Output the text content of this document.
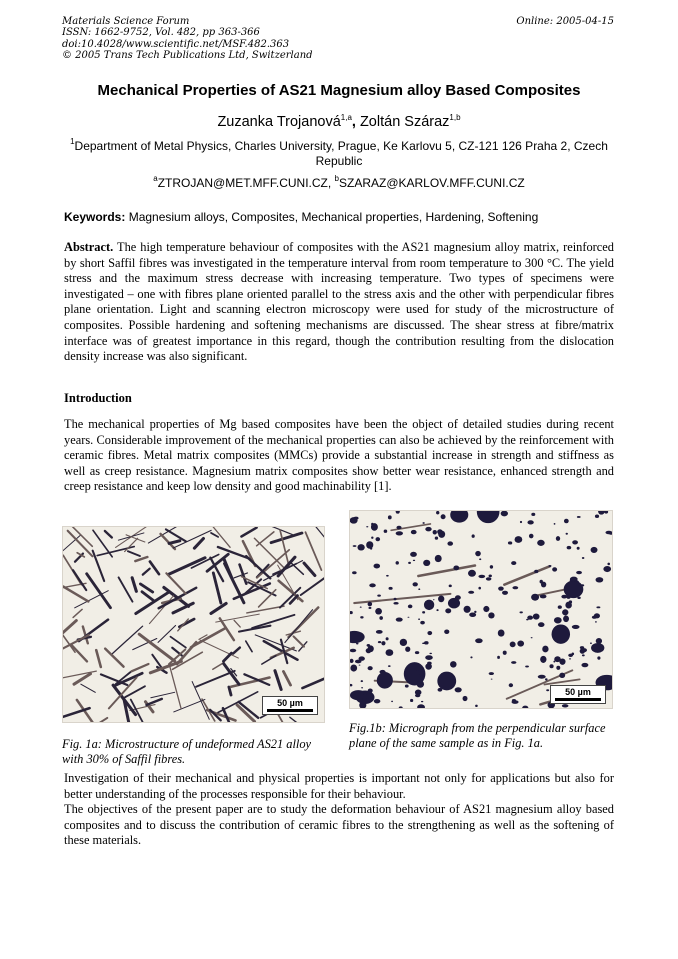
Materials Science Forum
ISSN: 1662-9752, Vol. 482, pp 363-366
doi:10.4028/www.scientific.net/MSF.482.363
© 2005 Trans Tech Publications Ltd, Switzerland
Online: 2005-04-15
Mechanical Properties of AS21 Magnesium alloy Based Composites
Zuzanka Trojanová$^{1,a}$, Zoltán Száraz$^{1,b}$
$^1$Department of Metal Physics, Charles University, Prague, Ke Karlovu 5, CZ-121 126 Praha 2, Czech Republic
$^a$ZTROJAN@MET.MFF.CUNI.CZ, $^b$SZARAZ@KARLOV.MFF.CUNI.CZ
Keywords: Magnesium alloys, Composites, Mechanical properties, Hardening, Softening
Abstract. The high temperature behaviour of composites with the AS21 magnesium alloy matrix, reinforced by short Saffil fibres was investigated in the temperature interval from room temperature to 300 °C. The yield stress and the maximum stress decrease with increasing temperature. Two types of specimens were investigated – one with fibres plane oriented parallel to the stress axis and the other with perpendicular fibres plane orientation. Light and scanning electron microscopy were used for study of the microstructure of composites. Possible hardening and softening mechanisms are discussed. The shear stress at fibre/matrix interface was of greatest importance in this regard, though the contribution resulting from the dislocation density increase was also significant.
Introduction
The mechanical properties of Mg based composites have been the object of detailed studies during recent years. Considerable improvement of the mechanical properties can also be achieved by the reinforcement with ceramic fibres. Metal matrix composites (MMCs) provide a substantial increase in strength and stiffness as well as creep resistance. Magnesium matrix composites show better wear resistance, enhanced strength and creep resistance and keep low density and good machinability [1].
50 µm
50 µm
Fig. 1a: Microstructure of undeformed AS21 alloy with 30% of Saffil fibres.
Fig.1b: Micrograph from the perpendicular surface plane of the same sample as in Fig. 1a.
Investigation of their mechanical and physical properties is important not only for applications but also for better understanding of the processes responsible for their behaviour.
The objectives of the present paper are to study the deformation behaviour of AS21 magnesium alloy based composites and to discuss the contribution of ceramic fibres to the strengthening as well as the softening of these materials.
